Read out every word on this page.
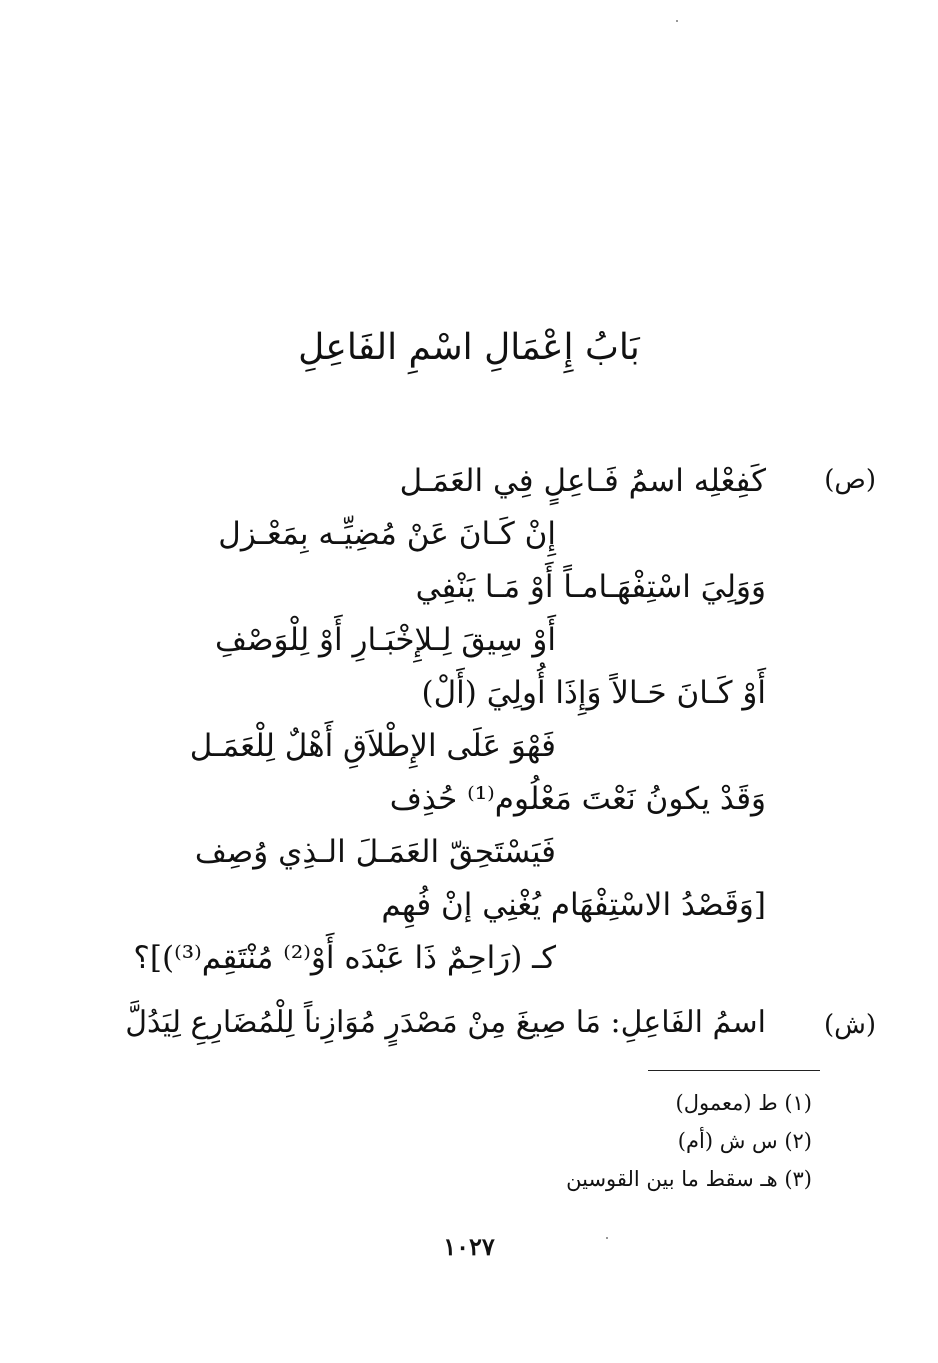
بَابُ إِعْمَالِ اسْمِ الفَاعِلِ
(ص)
كَفِعْلِه اسمُ فَـاعِلٍ فِي العَمَـل
إِنْ كَـانَ عَنْ مُضِيِّـه بِمَعْـزل
وَوَلِيَ اسْتِفْهَـامـاً أَوْ مَـا يَنْفِي
أَوْ سِيقَ لِـلإِخْبَـارِ أَوْ لِلْوَصْفِ
أَوْ كَـانَ حَـالاً وَإِذَا أُولِيَ (أَلْ)
فَهْوَ عَلَى الإِطْلاَقِ أَهْلٌ لِلْعَمَـل
وَقَدْ يكونُ نَعْتَ مَعْلُوم⁽¹⁾ حُذِف
فَيَسْتَحِقّ العَمَـلَ الـذِي وُصِف
[وَقَصْدُ الاسْتِفْهَام يُغْنِي إنْ فُهِم
كـ (رَاحِمٌ ذَا عَبْدَه أَوْ⁽²⁾ مُنْتَقِم⁽³⁾)]؟
(ش)
اسمُ الفَاعِلِ: مَا صِيغَ مِنْ مَصْدَرٍ مُوَازِناً لِلْمُضَارِعِ لِيَدُلَّ
(١) ط (معمول)
(٢) س ش (أم)
(٣) هـ سقط ما بين القوسين
١٠٢٧
